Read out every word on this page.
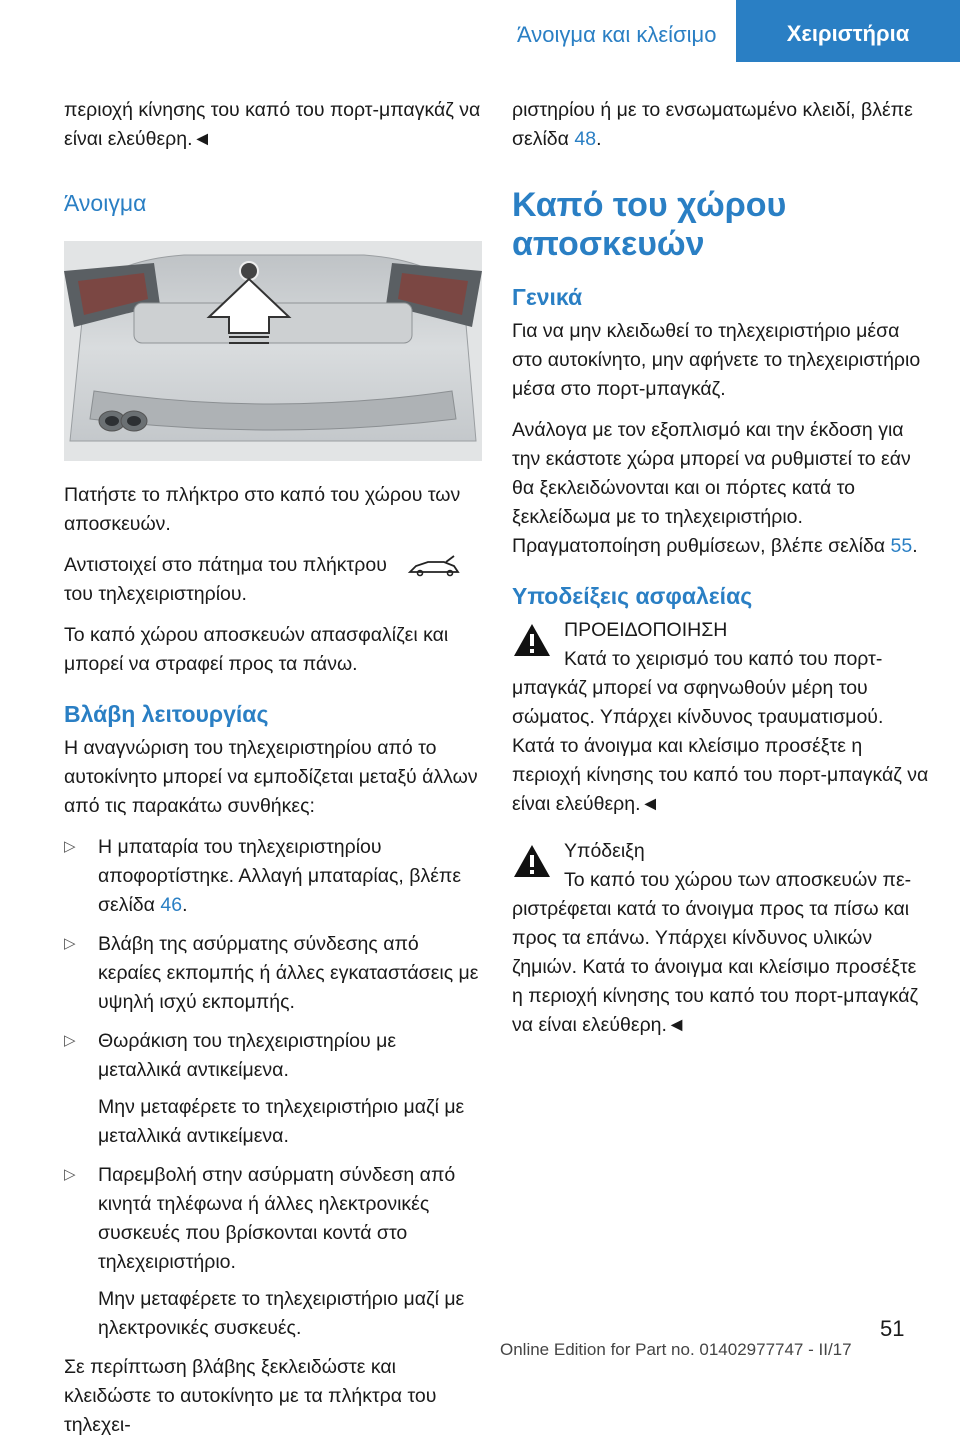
Άνοιγμα και κλείσιμο	Χειριστήρια

περιοχή κίνησης του καπό του πορτ-μπαγκάζ να είναι ελεύθερη.◄

Άνοιγμα

Πατήστε το πλήκτρο στο καπό του χώρου των αποσκευών.

Αντιστοιχεί στο πάτημα του πλήκτρου

του τηλεχειριστηρίου.

Το καπό χώρου αποσκευών απασφαλίζει και μπορεί να στραφεί προς τα πάνω.

Βλάβη λειτουργίας

Η αναγνώριση του τηλεχειριστηρίου από το αυτοκίνητο μπορεί να εμποδίζεται μεταξύ άλλων από τις παρακάτω συνθήκες:

▷	Η μπαταρία του τηλεχειριστηρίου αποφορτίστηκε. Αλλαγή μπαταρίας, βλέπε σελίδα 46.

▷	Βλάβη της ασύρματης σύνδεσης από κεραίες εκπομπής ή άλλες εγκαταστάσεις με υψηλή ισχύ εκπομπής.

▷	Θωράκιση του τηλεχειριστηρίου με μεταλλικά αντικείμενα.

Μην μεταφέρετε το τηλεχειριστήριο μαζί με μεταλλικά αντικείμενα.

▷	Παρεμβολή στην ασύρματη σύνδεση από κινητά τηλέφωνα ή άλλες ηλεκτρονικές συσκευές που βρίσκονται κοντά στο τηλεχειριστήριο.

Μην μεταφέρετε το τηλεχειριστήριο μαζί με ηλεκτρονικές συσκευές.

Σε περίπτωση βλάβης ξεκλειδώστε και κλειδώστε το αυτοκίνητο με τα πλήκτρα του τηλεχει-

ριστηρίου ή με το ενσωματωμένο κλειδί, βλέπε σελίδα 48.

Καπό του χώρου αποσκευών
Γενικά

Για να μην κλειδωθεί το τηλεχειριστήριο μέσα στο αυτοκίνητο, μην αφήνετε το τηλεχειριστήριο μέσα στο πορτ-μπαγκάζ.

Ανάλογα με τον εξοπλισμό και την έκδοση για την εκάστοτε χώρα μπορεί να ρυθμιστεί το εάν θα ξεκλειδώνονται και οι πόρτες κατά το ξεκλείδωμα με το τηλεχειριστήριο. Πραγματοποίηση ρυθμίσεων, βλέπε σελίδα 55.

Υποδείξεις ασφαλείας

ΠΡΟΕΙΔΟΠΟΙΗΣΗ

Κατά το χειρισμό του καπό του πορτ-

μπαγκάζ μπορεί να σφηνωθούν μέρη του σώματος. Υπάρχει κίνδυνος τραυματισμού. Κατά το άνοιγμα και κλείσιμο προσέξτε η περιοχή κίνησης του καπό του πορτ-μπαγκάζ να είναι ελεύθερη.◄

Υπόδειξη

Το καπό του χώρου των αποσκευών πε-

ριστρέφεται κατά το άνοιγμα προς τα πίσω και προς τα επάνω. Υπάρχει κίνδυνος υλικών ζημιών. Κατά το άνοιγμα και κλείσιμο προσέξτε η περιοχή κίνησης του καπό του πορτ-μπαγκάζ να είναι ελεύθερη.◄

51
Online Edition for Part no. 01402977747 - II/17
